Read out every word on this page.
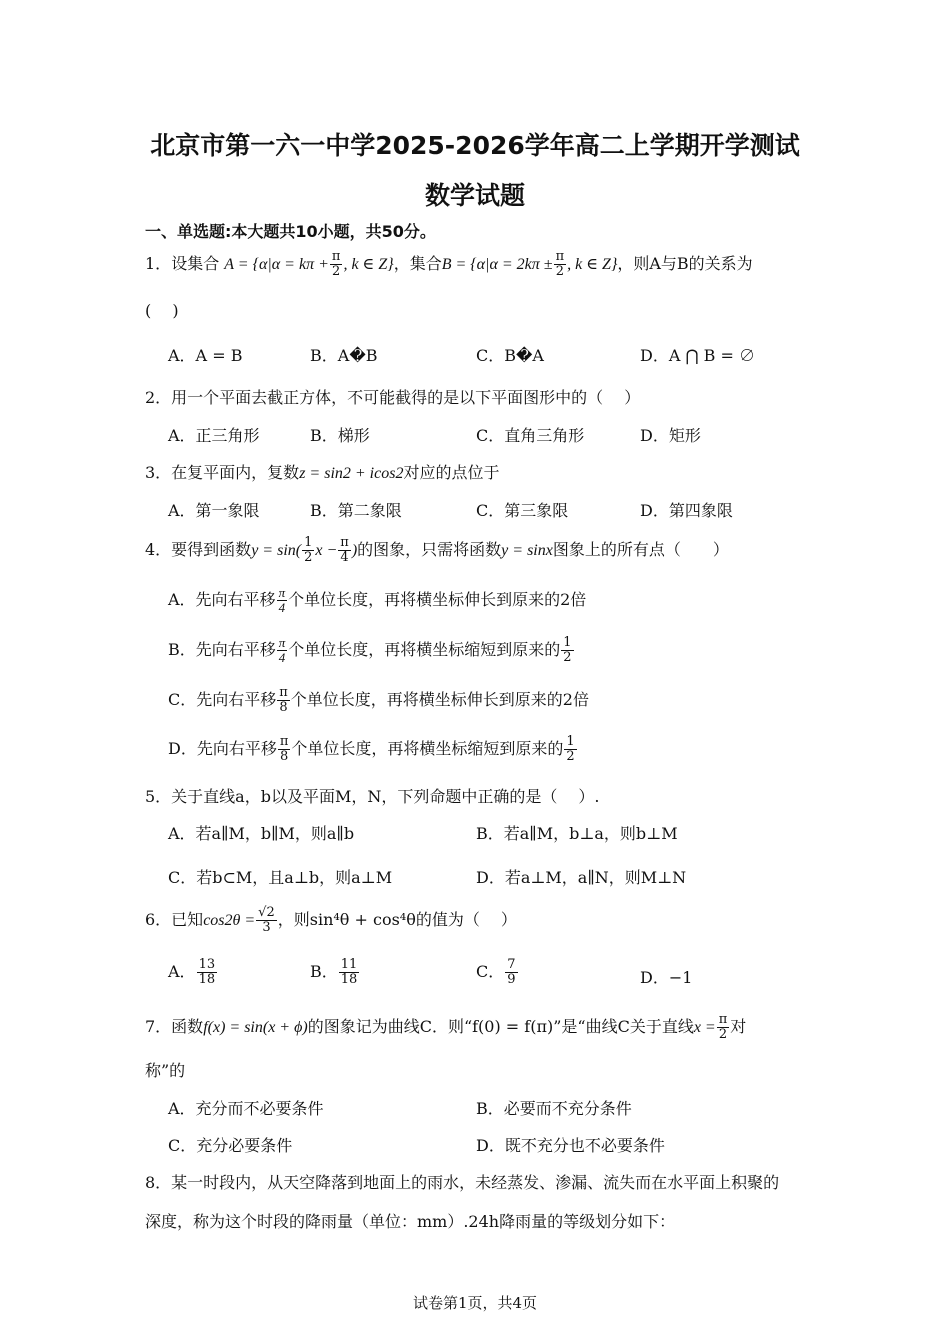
北京市第一六一中学2025-2026学年高二上学期开学测试
数学试题
一、单选题:本大题共10小题，共50分。
1．设集合 $A = \{\alpha|\alpha = k\pi + \frac{\pi}{2}$ , k ∈ Z}，集合$B = \{\alpha|\alpha = 2k\pi \pm \frac{\pi}{2}$ , k ∈ Z}，则A与B的关系为
(　 )
A．A = B	B．A�B	C．B�A	D．A ⋂ B = ∅
2．用一个平面去截正方体，不可能截得的是以下平面图形中的（　 ）
A．正三角形	B．梯形	C．直角三角形	D．矩形
3．在复平面内，复数z = sin2 + icos2对应的点位于
A．第一象限	B．第二象限	C．第三象限	D．第四象限
4．要得到函数$y = \sin( \frac{1}{2}$ $x - \frac{\pi}{4}$ )的图象，只需将函数y = sinx图象上的所有点（　　）
A．先向右平移 $\frac{\pi}{4}$ 个单位长度，再将横坐标伸长到原来的2倍
B．先向右平移 $\frac{\pi}{4}$ 个单位长度，再将横坐标缩短到原来的 $\frac{1}{2}$
C．先向右平移 $\frac{\pi}{8}$ 个单位长度，再将横坐标伸长到原来的2倍
D．先向右平移 $\frac{\pi}{8}$ 个单位长度，再将横坐标缩短到原来的 $\frac{1}{2}$
5．关于直线a，b以及平面M，N，下列命题中正确的是（　 ）.
A．若a∥M，b∥M，则a∥b	B．若a∥M，b⊥a，则b⊥M
C．若b⊂M，且a⊥b，则a⊥M	D．若a⊥M，a∥N，则M⊥N
6．已知$\cos 2\theta = \frac{√2}{3}$ ，则sin⁴θ + cos⁴θ的值为（　 ）
A． $\frac{13}{18}$	B． $\frac{11}{18}$	C． $\frac{7}{9}$	D．−1
7．函数f(x) = sin(x + ϕ)的图象记为曲线C．则“f(0) = f(π)”是“曲线C关于直线$x = \frac{\pi}{2}$ 对
称”的
A．充分而不必要条件	B．必要而不充分条件
C．充分必要条件	D．既不充分也不必要条件
8．某一时段内，从天空降落到地面上的雨水，未经蒸发、渗漏、流失而在水平面上积聚的
深度，称为这个时段的降雨量（单位：mm）.24h降雨量的等级划分如下：
试卷第1页，共4页
